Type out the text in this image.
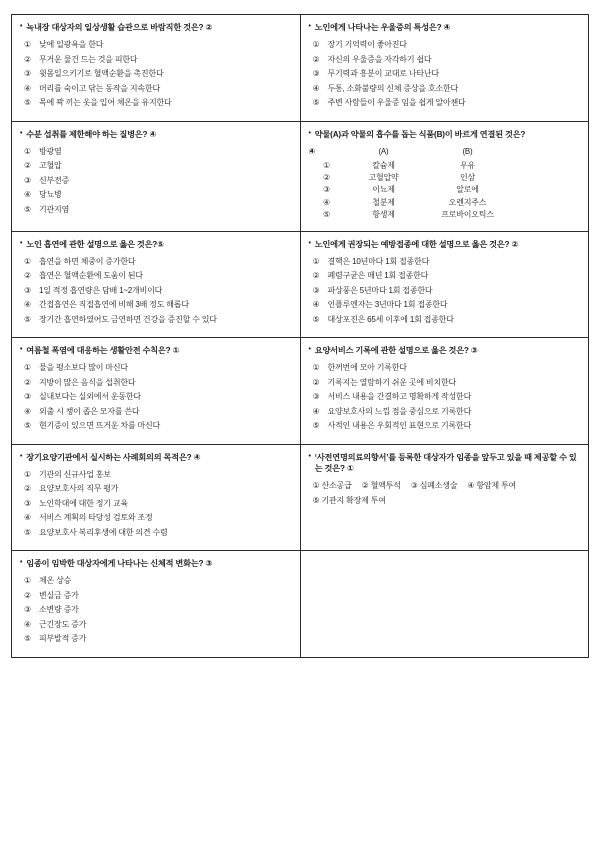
• 녹내장 대상자의 일상생활 습관으로 바람직한 것은? ②
①	낮에 일광욕을 한다
②	무거운 물건 드는 것을 피한다
③	윗몸일으키기로 혈액순환을 촉진한다
④	머리를 숙이고 닦는 동작을 지속한다
⑤	목에 꽉 끼는 옷을 입어 체온을 유지한다

• 노인에게 나타나는 우울증의 특성은? ④
①	장기 기억력이 좋아진다
②	자신의 우울증을 자각하기 쉽다
③	무기력과 흥분이 교대로 나타난다
④	두통, 소화불량의 신체 증상을 호소한다
⑤	주변 사람들이 우울증 임을 쉽게 알아챈다

• 수분 섭취를 제한해야 하는 질병은? ④
①	방광염
②	고혈압
③	신부전증
④	당뇨병
⑤	기관지염

• 약물(A)과 약물의 흡수를 돕는 식품(B)이 바르게 연결된 것은?
④	(A)	(B)
①	칼슘제	우유
②	고혈압약	인삼
③	이뇨제	알로에
④	철분제	오렌지주스
⑤	항생제	프로바이오틱스

• 노인 흡연에 관한 설명으로 옳은 것은?⑤
①	흡연을 하면 체중이 증가한다
②	흡연은 혈액순환에 도움이 된다
③	1일 적정 흡연량은 담배 1~2개비이다
④	간접흡연은 직접흡연에 비해 3배 정도 해롭다
⑤	장기간 흡연하였어도 금연하면 건강을 증진할 수 있다

• 노인에게 권장되는 예방접종에 대한 설명으로 옳은 것은? ②
①	결핵은 10년마다 1회 접종한다
②	폐렴구균은 매년 1회 접종한다
③	파상풍은 5년마다 1회 접종한다
④	인플루엔자는 3년마다 1회 접종한다
⑤	대상포진은 65세 이후에 1회 접종한다

• 여름철 폭염에 대응하는 생활안전 수칙은? ①
①	물을 평소보다 많이 마신다
②	지방이 많은 음식을 섭취한다
③	실내보다는 실외에서 운동한다
④	외출 시 챙이 좁은 모자를 쓴다
⑤	현기증이 있으면 뜨거운 차를 마신다

• 요양서비스 기록에 관한 설명으로 옳은 것은? ③
①	한꺼번에 모아 기록한다
②	기록지는 열람하기 쉬운 곳에 비치한다
③	서비스 내용을 간결하고 명확하게 작성한다
④	요양보호사의 느낌 점을 중심으로 기록한다
⑤	사적인 내용은 우회적인 표현으로 기록한다

• 장기요양기관에서 실시하는 사례회의의 목적은? ④
①	기관의 신규사업 홍보
②	요양보호사의 직무 평가
③	노인학대에 대한 정기 교육
④	서비스 계획의 타당성 검토와 조정
⑤	요양보호사 복리후생에 대한 의견 수렴

• ‘사전연명의료의향서’를 등록한 대상자가 임종을 앞두고 있을 때 제공할 수 있는 것은? ①
① 산소공급 ② 혈액투석 ③ 심폐소생술 ④ 항암제 투여
⑤ 기관지 확장제 투여

• 임종이 임박한 대상자에게 나타나는 신체적 변화는? ③
①	체온 상승
②	변실금 증가
③	소변량 증가
④	근긴장도 증가
⑤	피부발적 증가
